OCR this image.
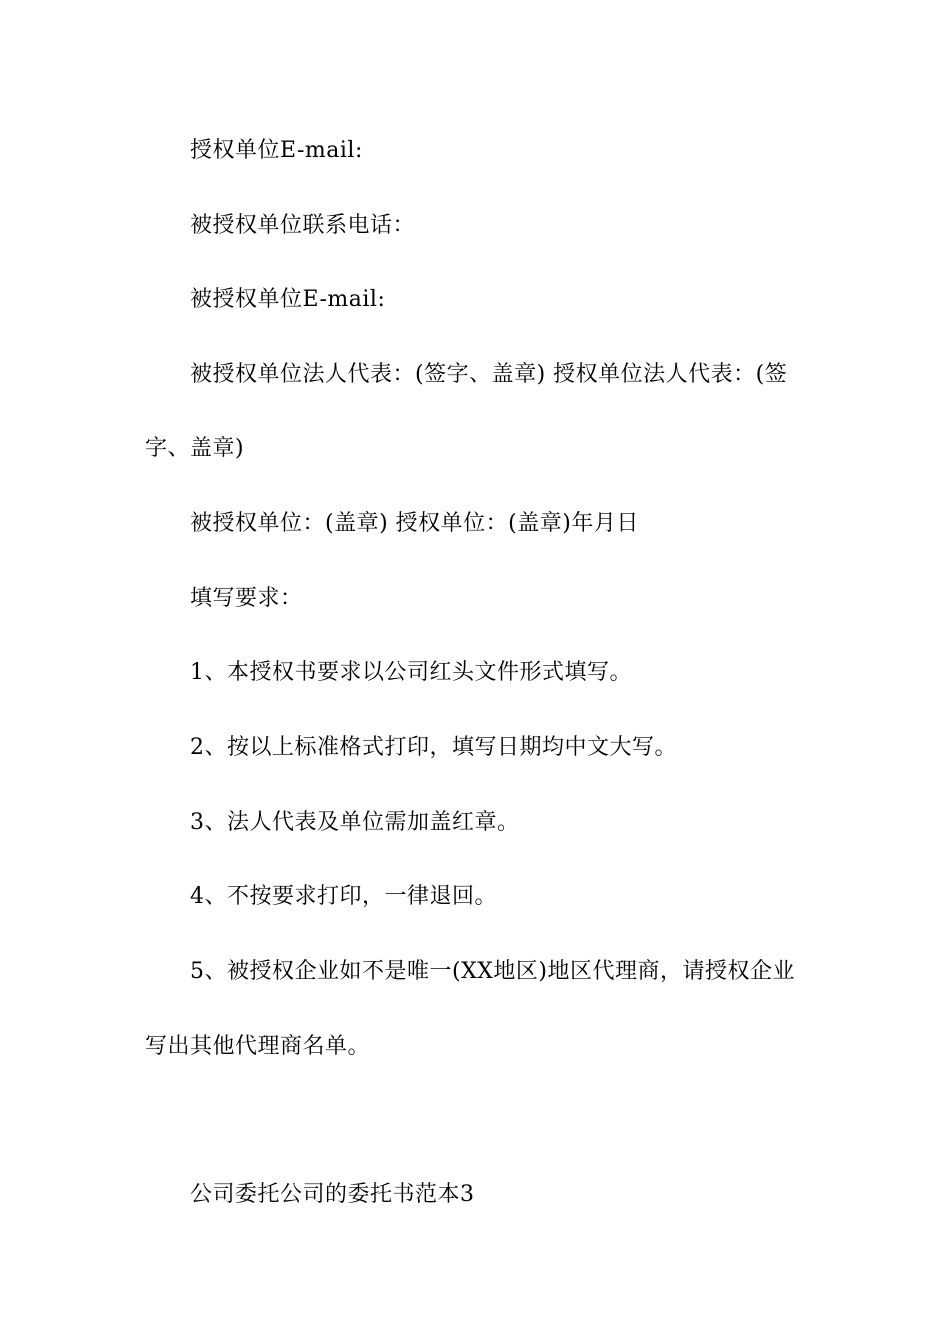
授权单位E-mail:
被授权单位联系电话：
被授权单位E-mail:
被授权单位法人代表：(签字、盖章) 授权单位法人代表：(签
字、盖章)
被授权单位：(盖章) 授权单位：(盖章)年月日
填写要求：
1、本授权书要求以公司红头文件形式填写。
2、按以上标准格式打印，填写日期均中文大写。
3、法人代表及单位需加盖红章。
4、不按要求打印，一律退回。
5、被授权企业如不是唯一(XX地区)地区代理商，请授权企业
写出其他代理商名单。
公司委托公司的委托书范本3
